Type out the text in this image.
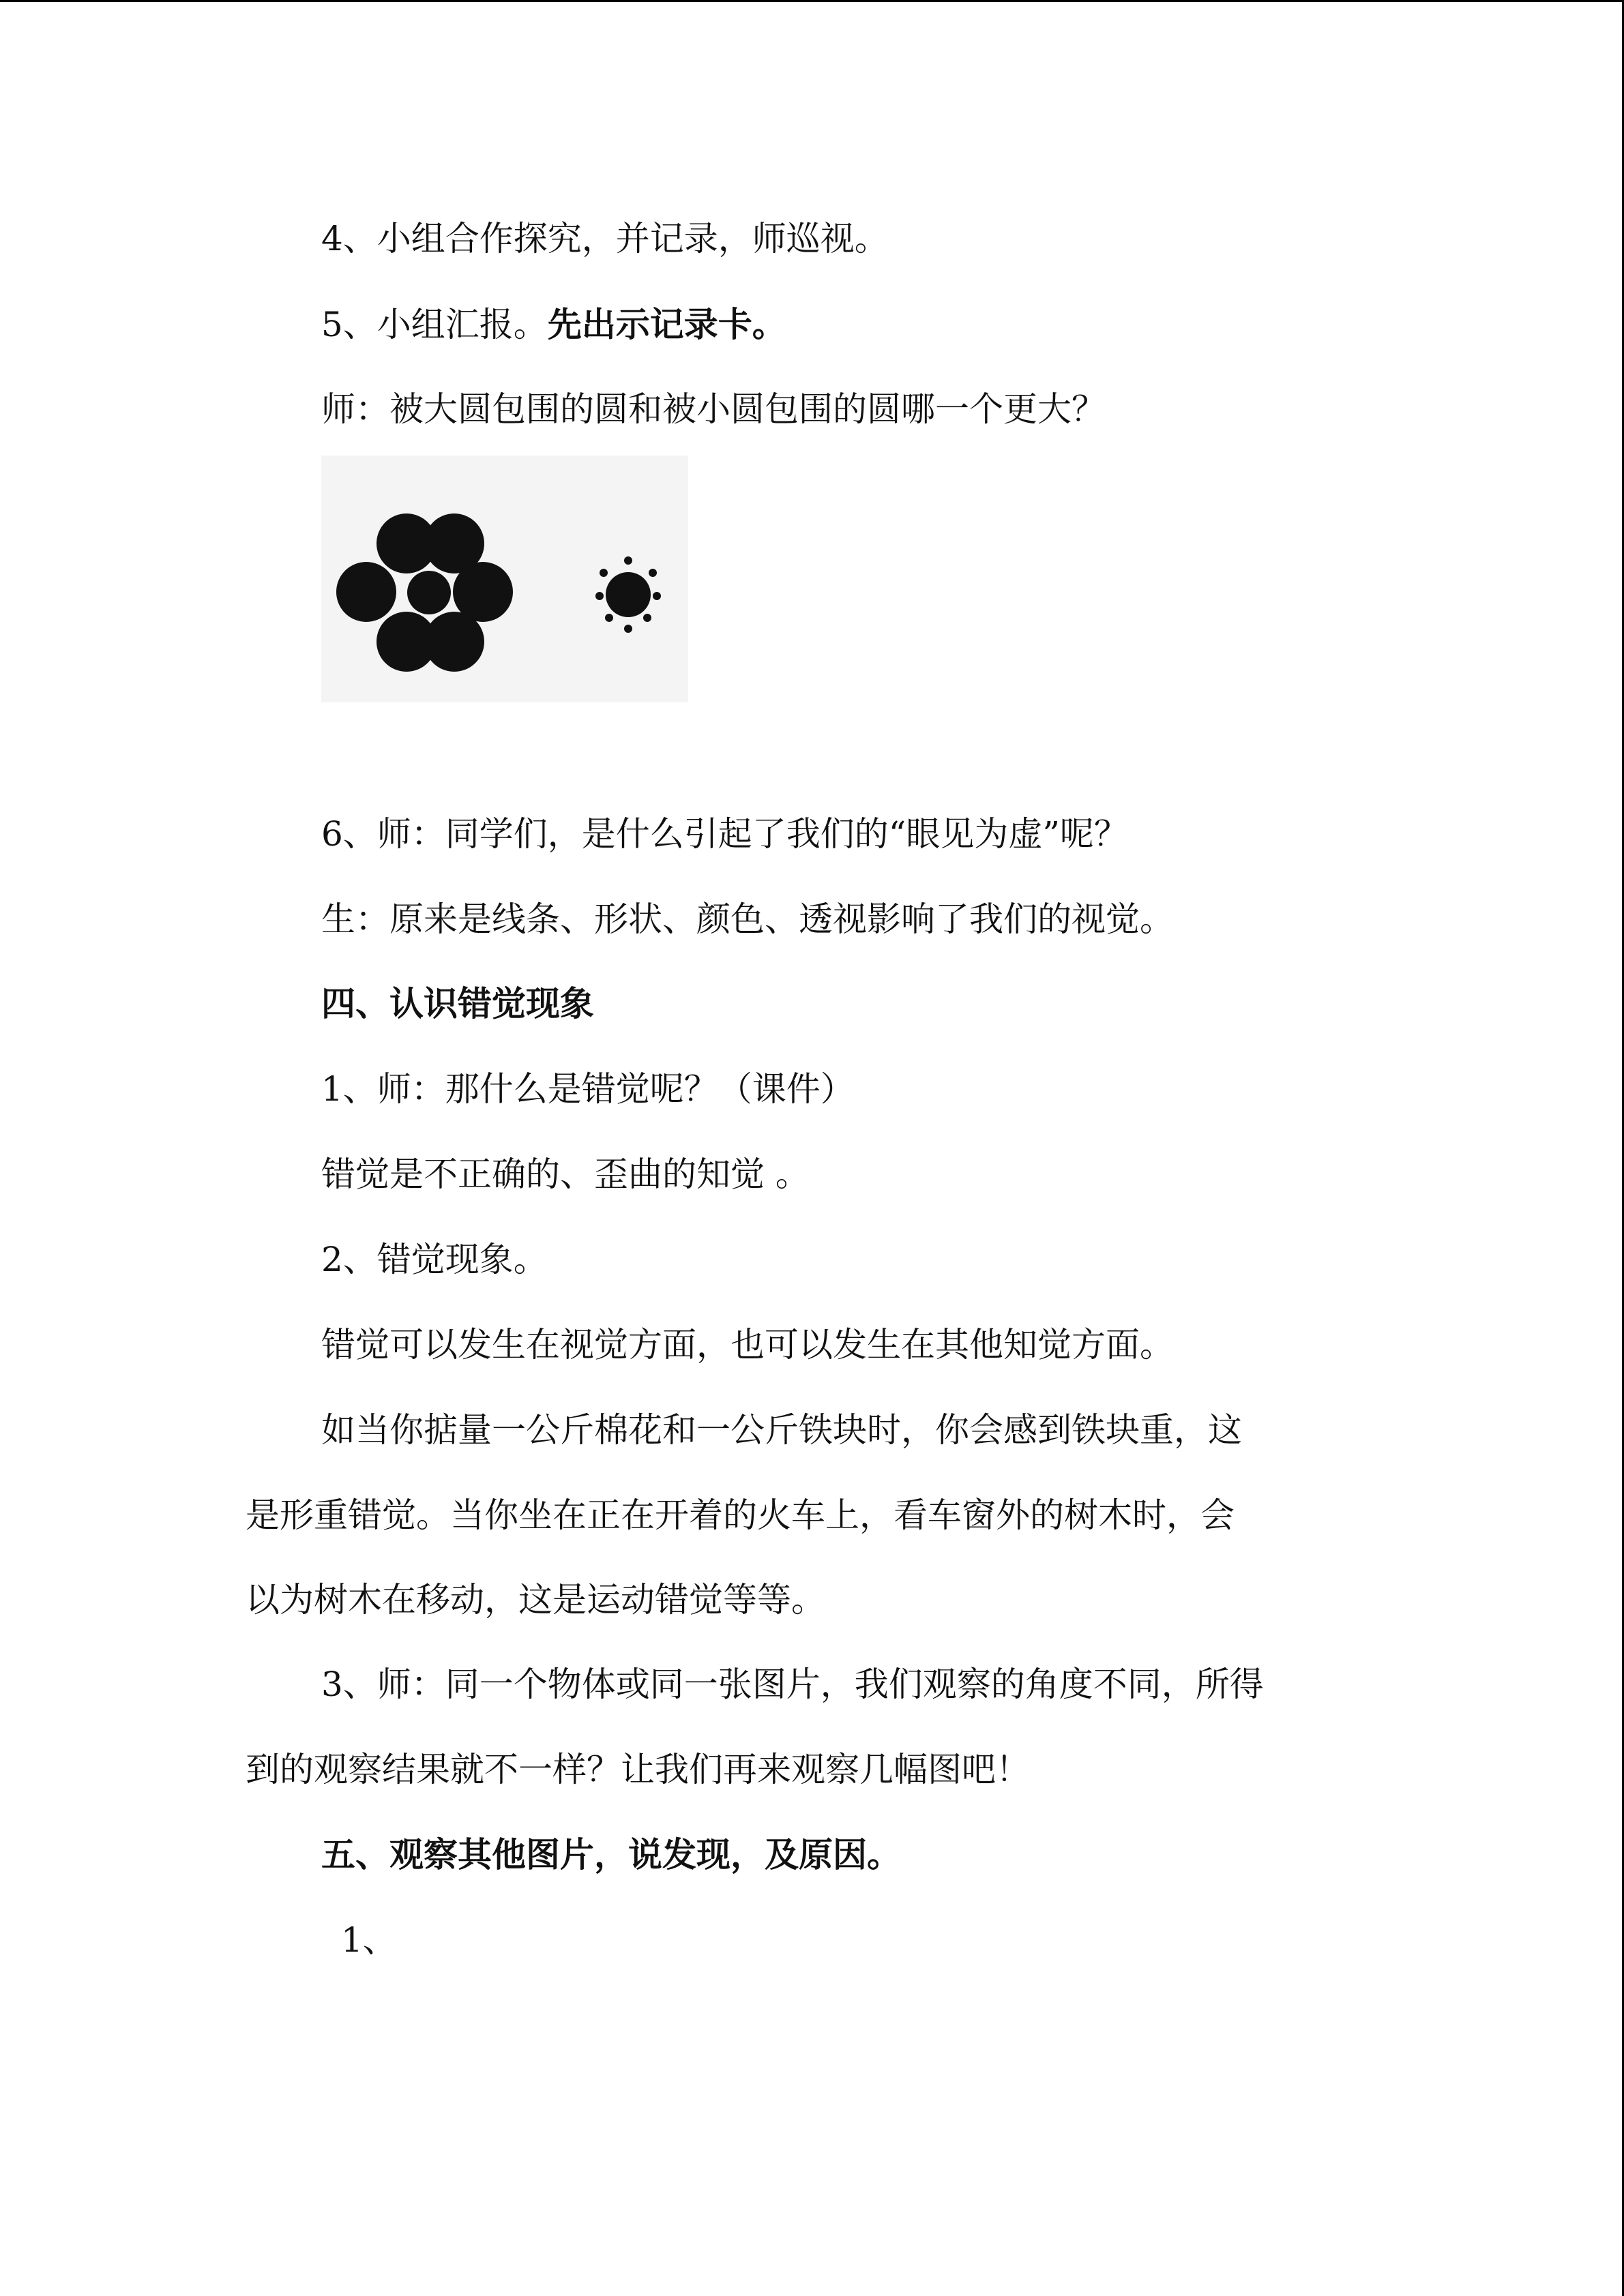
4、小组合作探究，并记录，师巡视。

5、小组汇报。先出示记录卡。

师：被大圆包围的圆和被小圆包围的圆哪一个更大？

6、师：同学们，是什么引起了我们的“眼见为虚”呢？

生：原来是线条、形状、颜色、透视影响了我们的视觉。

四、认识错觉现象

1、师：那什么是错觉呢？（课件）

错觉是不正确的、歪曲的知觉 。

2、错觉现象。

错觉可以发生在视觉方面，也可以发生在其他知觉方面。

如当你掂量一公斤棉花和一公斤铁块时，你会感到铁块重，这

是形重错觉。当你坐在正在开着的火车上，看车窗外的树木时，会

以为树木在移动，这是运动错觉等等。

3、师：同一个物体或同一张图片，我们观察的角度不同，所得

到的观察结果就不一样？让我们再来观察几幅图吧！

五、观察其他图片，说发现，及原因。

1、
